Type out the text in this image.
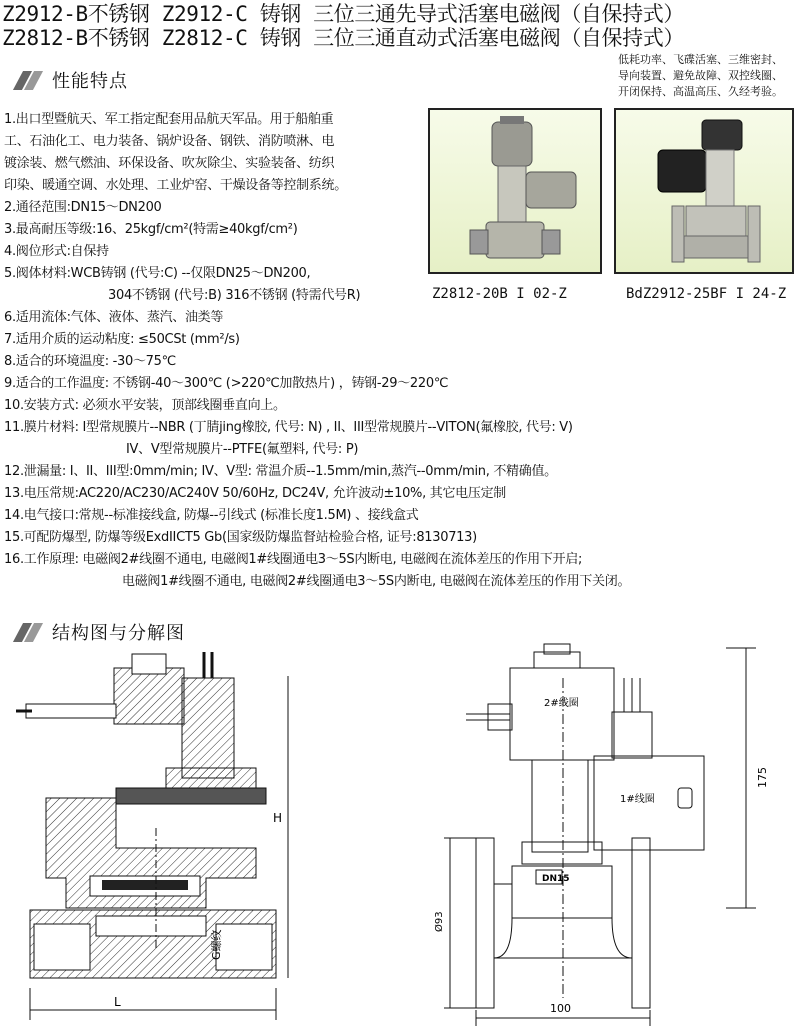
Z2912-B不锈钢 Z2912-C 铸钢 三位三通先导式活塞电磁阀（自保持式）
Z2812-B不锈钢 Z2812-C 铸钢 三位三通直动式活塞电磁阀（自保持式）
性能特点
低耗功率、飞碟活塞、三维密封、
导向装置、避免故障、双控线圈、
开闭保持、高温高压、久经考验。
Z2812-20B I 02-Z	BdZ2912-25BF I 24-Z
1.出口型暨航天、军工指定配套用品航天军品。用于船舶重
工、石油化工、电力装备、锅炉设备、钢铁、消防喷淋、电
镀涂装、燃气燃油、环保设备、吹灰除尘、实验装备、纺织
印染、暖通空调、水处理、工业炉窑、干燥设备等控制系统。
2.通径范围:DN15～DN200
3.最高耐压等级:16、25kgf/cm²(特需≥40kgf/cm²)
4.阀位形式:自保持
5.阀体材料:WCB铸钢 (代号:C) --仅限DN25～DN200,
304不锈钢 (代号:B) 316不锈钢 (特需代号R)
6.适用流体:气体、液体、蒸汽、油类等
7.适用介质的运动粘度: ≤50CSt (mm²/s)
8.适合的环境温度: -30～75℃
9.适合的工作温度: 不锈钢-40～300℃ (>220℃加散热片) ，铸钢-29～220℃
10.安装方式: 必须水平安装，顶部线圈垂直向上。
11.膜片材料: I型常规膜片--NBR (丁腈jing橡胶, 代号: N) , II、III型常规膜片--VITON(氟橡胶, 代号: V)
IV、V型常规膜片--PTFE(氟塑料, 代号: P)
12.泄漏量: I、II、III型:0mm/min; IV、V型: 常温介质--1.5mm/min,蒸汽--0mm/min, 不精确值。
13.电压常规:AC220/AC230/AC240V 50/60Hz, DC24V, 允许波动±10%, 其它电压定制
14.电气接口:常规--标准接线盒, 防爆--引线式 (标准长度1.5M) 、接线盒式
15.可配防爆型, 防爆等级ExdIICT5 Gb(国家级防爆监督站检验合格, 证号:8130713)
16.工作原理: 电磁阀2#线圈不通电, 电磁阀1#线圈通电3～5S内断电, 电磁阀在流体差压的作用下开启;
电磁阀1#线圈不通电, 电磁阀2#线圈通电3～5S内断电, 电磁阀在流体差压的作用下关闭。
结构图与分解图
H
G螺纹
L
2#线圈
1#线圈
DN15
Ø93
175
100
